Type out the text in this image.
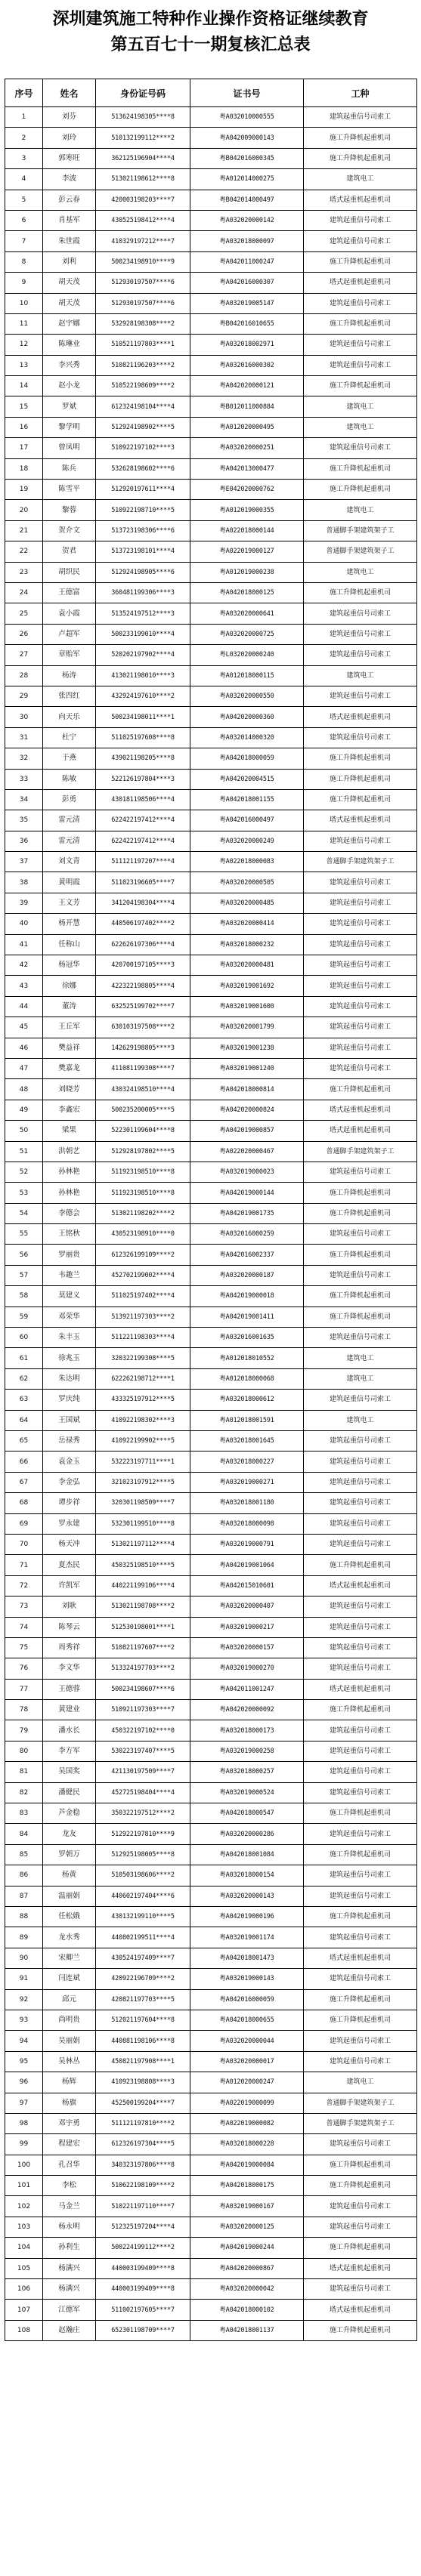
深圳建筑施工特种作业操作资格证继续教育
第五百七十一期复核汇总表
序号	姓名	身份证号码	证书号	工种
1	刘芬	513624198305****8	粤A032010000555	建筑起重信号司索工
2	刘玲	510132199112****2	粤A042009000143	施工升降机起重机司
3	郭寒旺	362125196904****4	粤B042016000345	施工升降机起重机司
4	李波	513021198612****8	粤A012014000275	建筑电工
5	彭云春	420003198203****7	粤B042014000497	塔式起重机起重机司
6	肖基军	430525198412****4	粤A032020000142	建筑起重信号司索工
7	朱世霞	410329197212****7	粤A032018000097	建筑起重信号司索工
8	刘利	500234198910****9	粤A042011000247	施工升降机起重机司
9	胡天茂	512930197507****6	粤A042016000307	塔式起重机起重机司
10	胡天茂	512930197507****6	粤A032019005147	建筑起重信号司索工
11	赵宇娜	532928198308****2	粤B042016010655	施工升降机起重机司
12	陈琳业	510521197803****1	粤A032018002971	建筑起重信号司索工
13	李兴秀	510821196203****2	粤A032016000302	建筑起重信号司索工
14	赵小龙	510522198609****2	粤A042020000121	施工升降机起重机司
15	罗斌	612324198104****4	粤B012011000884	建筑电工
16	黎学明	512924198902****5	粤A012020000495	建筑电工
17	曾凤明	510922197102****3	粤A032020000251	建筑起重信号司索工
18	陈兵	532628198602****6	粤A042013000477	施工升降机起重机司
19	陈雪平	512920197611****4	粤E042020000762	施工升降机起重机司
20	黎蓉	510922198710****5	粤A012019000355	建筑电工
21	贺介文	513723198306****6	粤A022018000144	普通脚手架建筑架子工
22	贺君	513723198101****4	粤A022019000127	普通脚手架建筑架子工
23	胡织民	512924198905****6	粤A012019000238	建筑电工
24	王德富	360481199306****3	粤A042018000125	施工升降机起重机司
25	袁小霞	513524197512****3	粤A032020000641	建筑起重信号司索工
26	卢超军	500233199010****4	粤A032020000725	建筑起重信号司索工
27	章贻军	520202197902****4	粤L032020000240	建筑起重信号司索工
28	杨涛	413021198010****3	粤A012018000115	建筑电工
29	张四红	432924197610****2	粤A032020000550	建筑起重信号司索工
30	向天乐	500234198011****1	粤A042020000360	塔式起重机起重机司
31	杜宁	511025197608****8	粤A032014000320	建筑起重信号司索工
32	于燕	439021198205****8	粤A042018000059	施工升降机起重机司
33	陈敏	522126197804****3	粤A042020004515	施工升降机起重机司
34	彭勇	430181198506****4	粤A042018001155	施工升降机起重机司
35	雷元清	622422197412****4	粤A042016000497	塔式起重机起重机司
36	雷元清	622422197412****4	粤A032020000249	建筑起重信号司索工
37	刘文青	511121197207****4	粤A022018000083	普通脚手架建筑架子工
38	黄明霞	511023196605****7	粤A032020000505	建筑起重信号司索工
39	王文芳	341204198304****4	粤A032020000485	建筑起重信号司索工
40	杨开慧	440506197402****2	粤A032020000414	建筑起重信号司索工
41	任称山	622626197306****4	粤A032018000232	建筑起重信号司索工
42	杨冠华	420700197105****3	粤A032020000481	建筑起重信号司索工
43	徐娜	422322198805****4	粤A032019001692	建筑起重信号司索工
44	董涛	632525199702****7	粤A032019001600	建筑起重信号司索工
45	王丘军	630103197508****2	粤A032020001799	建筑起重信号司索工
46	樊益祥	142629198805****3	粤A032019001238	建筑起重信号司索工
47	樊嘉龙	411081199308****7	粤A032019001240	建筑起重信号司索工
48	刘晓芳	430324198510****4	粤A042018000814	施工升降机起重机司
49	李鑫宏	500235200005****5	粤A042020000824	塔式起重机起重机司
50	梁果	522301199604****8	粤A042019000857	塔式起重机起重机司
51	洪朝艺	512928197802****5	粤A022020000467	普通脚手架建筑架子工
52	孙林艳	511923198510****8	粤A032019000023	建筑起重信号司索工
53	孙林艳	511923198510****8	粤A042019000144	施工升降机起重机司
54	李德会	513021198202****2	粤A042019001735	施工升降机起重机司
55	王铭秋	430523198910****0	粤A032016000259	建筑起重信号司索工
56	罗丽贵	612326199109****2	粤A042016002337	施工升降机起重机司
57	韦趣兰	452702199002****4	粤A032020000187	建筑起重信号司索工
58	莫建义	511025197402****4	粤A042019000018	施工升降机起重机司
59	邓荣华	513921197303****2	粤A042019001411	施工升降机起重机司
60	朱丰玉	511221198303****4	粤A032016001635	建筑起重信号司索工
61	徐兆玉	320322199308****5	粤A012018010552	建筑电工
62	朱达明	622262198712****1	粤A012018000068	建筑电工
63	罗庆纯	433325197912****5	粤A032018000612	建筑起重信号司索工
64	王国斌	410922198302****3	粤A012018001591	建筑电工
65	岳禄秀	410922199902****5	粤A032018001645	建筑起重信号司索工
66	袁金玉	532223197711****1	粤A032018000227	建筑起重信号司索工
67	李金弘	321023197912****5	粤A032019000271	建筑起重信号司索工
68	谭步祥	320301198509****7	粤A032018001180	建筑起重信号司索工
69	罗永建	532301199510****8	粤A032018000098	建筑起重信号司索工
70	杨天冲	513021197112****4	粤A032019000791	建筑起重信号司索工
71	夏杰民	450325198510****5	粤A042019001064	施工升降机起重机司
72	许凯军	440221199106****4	粤A042015010601	塔式起重机起重机司
73	刘耿	513021198708****2	粤A032020000407	建筑起重信号司索工
74	陈琴云	512530198001****1	粤A032019000217	建筑起重信号司索工
75	周秀祥	510821197607****2	粤A032020000157	建筑起重信号司索工
76	李文华	513324197703****2	粤A032019000270	建筑起重信号司索工
77	王德蓉	500234198607****6	粤A042011001247	塔式起重机起重机司
78	黄建业	510921197303****7	粤A042020000092	施工升降机起重机司
79	潘水长	450322197102****0	粤A032018000173	建筑起重信号司索工
80	李方军	530223197407****5	粤A032019000258	建筑起重信号司索工
81	吴国奖	421130197509****7	粤A032018000257	建筑起重信号司索工
82	潘健民	452725198404****4	粤A032019000524	建筑起重信号司索工
83	芦金稳	350322197512****2	粤A042018000547	施工升降机起重机司
84	龙友	512922197810****9	粤A032020000286	建筑起重信号司索工
85	罗朝万	512925198005****8	粤A042018001084	施工升降机起重机司
86	杨黄	510503198606****2	粤A032018000154	建筑起重信号司索工
87	温丽娟	440602197404****6	粤A032020000143	建筑起重信号司索工
88	任松娥	430132199110****5	粤A042019000196	施工升降机起重机司
89	龙水秀	440802199511****4	粤A032019001174	建筑起重信号司索工
90	宋卿兰	430524197409****7	粤A042018001473	塔式起重机起重机司
91	闫连斌	420922196709****2	粤A032019000143	建筑起重信号司索工
92	邱元	420821197703****5	粤A042016000059	施工升降机起重机司
93	尚明贵	512021197604****8	粤A042018000655	施工升降机起重机司
94	吴丽娟	440881198106****8	粤A032020000044	建筑起重信号司索工
95	吴林丛	450821197908****1	粤A032020000017	建筑起重信号司索工
96	杨辉	410923198808****3	粤A012020000247	建筑电工
97	杨旗	452500199204****7	粤A022019000099	普通脚手架建筑架子工
98	邓宇勇	511121197810****2	粤A022019000082	普通脚手架建筑架子工
99	程建宏	612326197304****5	粤A032018000228	建筑起重信号司索工
100	孔召华	340323197806****8	粤A042019000084	施工升降机起重机司
101	李松	510622198109****2	粤A042018000175	施工升降机起重机司
102	马金兰	510221197110****7	粤A032019000167	建筑起重信号司索工
103	杨永明	512325197204****4	粤A032020000125	建筑起重信号司索工
104	孙利生	500224199112****2	粤A042019000244	施工升降机起重机司
105	杨满兴	440003199409****8	粤A042020000867	塔式起重机起重机司
106	杨满兴	440003199409****8	粤A032020000042	建筑起重信号司索工
107	江德军	511002197605****7	粤A042018000102	塔式起重机起重机司
108	赵瀚庄	652301198709****7	粤A042018001137	施工升降机起重机司
